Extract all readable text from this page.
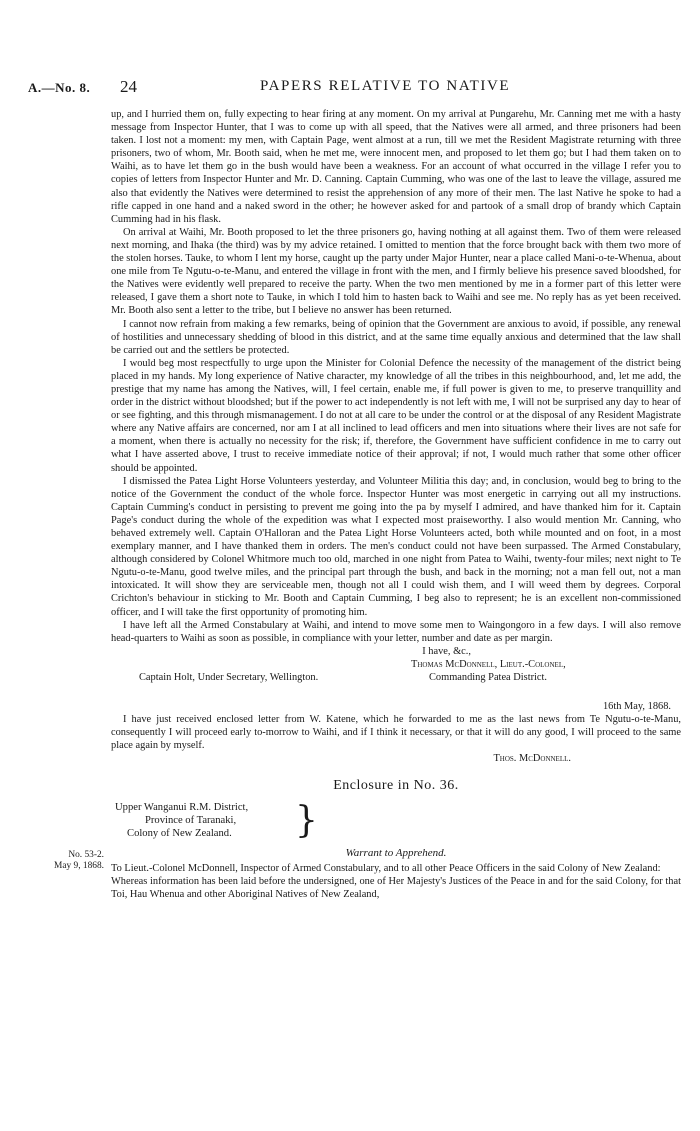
A.—No. 8. 24	PAPERS RELATIVE TO NATIVE
No. 53-2.
May 9, 1868.

up, and I hurried them on, fully expecting to hear firing at any moment. On my arrival at Pungarehu, Mr. Canning met me with a hasty message from Inspector Hunter, that I was to come up with all speed, that the Natives were all armed, and three prisoners had been taken. I lost not a moment: my men, with Captain Page, went almost at a run, till we met the Resident Magistrate returning with three prisoners, two of whom, Mr. Booth said, when he met me, were innocent men, and proposed to let them go; but I had them taken on to Waihi, as to have let them go in the bush would have been a weakness. For an account of what occurred in the village I refer you to copies of letters from Inspector Hunter and Mr. D. Canning. Captain Cumming, who was one of the last to leave the village, assured me also that evidently the Natives were determined to resist the apprehension of any more of their men. The last Native he spoke to had a rifle capped in one hand and a naked sword in the other; he however asked for and partook of a small drop of brandy which Captain Cumming had in his flask.

On arrival at Waihi, Mr. Booth proposed to let the three prisoners go, having nothing at all against them. Two of them were released next morning, and Ihaka (the third) was by my advice retained. I omitted to mention that the force brought back with them two more of the stolen horses. Tauke, to whom I lent my horse, caught up the party under Major Hunter, near a place called Mani-o-te-Whenua, about one mile from Te Ngutu-o-te-Manu, and entered the village in front with the men, and I firmly believe his presence saved bloodshed, for the Natives were evidently well prepared to receive the party. When the two men mentioned by me in a former part of this letter were released, I gave them a short note to Tauke, in which I told him to hasten back to Waihi and see me. No reply has as yet been received. Mr. Booth also sent a letter to the tribe, but I believe no answer has been returned.

I cannot now refrain from making a few remarks, being of opinion that the Government are anxious to avoid, if possible, any renewal of hostilities and unnecessary shedding of blood in this district, and at the same time equally anxious and determined that the law shall be carried out and the settlers be protected.

I would beg most respectfully to urge upon the Minister for Colonial Defence the necessity of the management of the district being placed in my hands. My long experience of Native character, my knowledge of all the tribes in this neighbourhood, and, let me add, the prestige that my name has among the Natives, will, I feel certain, enable me, if full power is given to me, to preserve tranquillity and order in the district without bloodshed; but if the power to act independently is not left with me, I will not be surprised any day to hear of or see fighting, and this through mismanagement. I do not at all care to be under the control or at the disposal of any Resident Magistrate where any Native affairs are concerned, nor am I at all inclined to lead officers and men into situations where their lives are not safe for a moment, when there is actually no necessity for the risk; if, therefore, the Government have sufficient confidence in me to carry out what I have asserted above, I trust to receive immediate notice of their approval; if not, I would much rather that some other officer should be appointed.

I dismissed the Patea Light Horse Volunteers yesterday, and Volunteer Militia this day; and, in conclusion, would beg to bring to the notice of the Government the conduct of the whole force. Inspector Hunter was most energetic in carrying out all my instructions. Captain Cumming's conduct in persisting to prevent me going into the pa by myself I admired, and have thanked him for it. Captain Page's conduct during the whole of the expedition was what I expected most praiseworthy. I also would mention Mr. Canning, who behaved extremely well. Captain O'Halloran and the Patea Light Horse Volunteers acted, both while mounted and on foot, in a most exemplary manner, and I have thanked them in orders. The men's conduct could not have been surpassed. The Armed Constabulary, although considered by Colonel Whitmore much too old, marched in one night from Patea to Waihi, twenty-four miles; next night to Te Ngutu-o-te-Manu, good twelve miles, and the principal part through the bush, and back in the morning; not a man fell out, not a man intoxicated. It will show they are serviceable men, though not all I could wish them, and I will weed them by degrees. Corporal Crichton's behaviour in sticking to Mr. Booth and Captain Cumming, I beg also to represent; he is an excellent non-commissioned officer, and I will take the first opportunity of promoting him.

I have left all the Armed Constabulary at Waihi, and intend to move some men to Waingongoro in a few days. I will also remove head-quarters to Waihi as soon as possible, in compliance with your letter, number and date as per margin.

I have, &c.,
Thomas McDonnell, Lieut.-Colonel,
Captain Holt, Under Secretary, Wellington.	Commanding Patea District.
16th May, 1868.

I have just received enclosed letter from W. Katene, which he forwarded to me as the last news from Te Ngutu-o-te-Manu, consequently I will proceed early to-morrow to Waihi, and if I think it necessary, or that it will do any good, I will proceed to the same place again by myself.

Thos. McDonnell.
Enclosure in No. 36.
Upper Wanganui R.M. District,
Province of Taranaki,
Colony of New Zealand. }
Warrant to Apprehend.

To Lieut.-Colonel McDonnell, Inspector of Armed Constabulary, and to all other Peace Officers in the said Colony of New Zealand:

Whereas information has been laid before the undersigned, one of Her Majesty's Justices of the Peace in and for the said Colony, for that Toi, Hau Whenua and other Aboriginal Natives of New Zealand,
